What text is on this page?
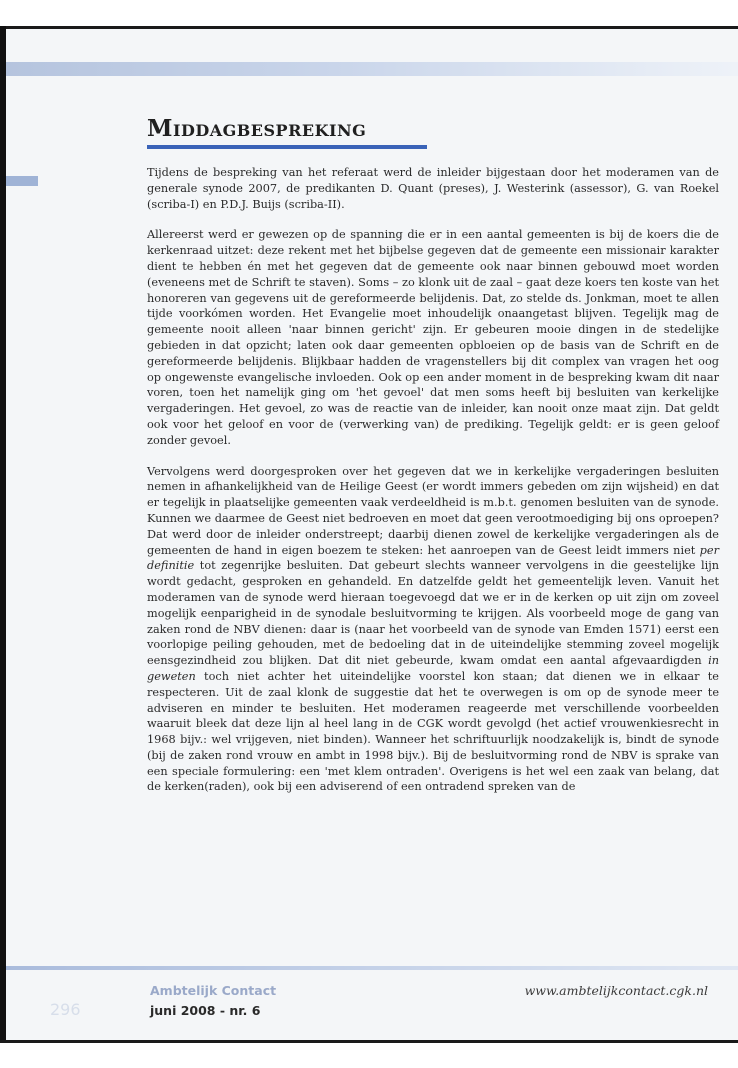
Middagbespreking

Tijdens de bespreking van het referaat werd de inleider bijgestaan door het moderamen van de generale synode 2007, de predikanten D. Quant (preses), J. Westerink (assessor), G. van Roekel (scriba-I) en P.D.J. Buijs (scriba-II).

Allereerst werd er gewezen op de spanning die er in een aantal gemeenten is bij de koers die de kerkenraad uitzet: deze rekent met het bijbelse gegeven dat de gemeente een missionair karakter dient te hebben én met het gegeven dat de gemeente ook naar binnen gebouwd moet worden (eveneens met de Schrift te staven). Soms – zo klonk uit de zaal – gaat deze koers ten koste van het honoreren van gegevens uit de gereformeerde belijdenis. Dat, zo stelde ds. Jonkman, moet te allen tijde voorkómen worden. Het Evangelie moet inhoudelijk onaangetast blijven. Tegelijk mag de gemeente nooit alleen 'naar binnen gericht' zijn. Er gebeuren mooie dingen in de stedelijke gebieden in dat opzicht; laten ook daar gemeenten opbloeien op de basis van de Schrift en de gereformeerde belijdenis. Blijkbaar hadden de vragenstellers bij dit complex van vragen het oog op ongewenste evangelische invloeden. Ook op een ander moment in de bespreking kwam dit naar voren, toen het namelijk ging om 'het gevoel' dat men soms heeft bij besluiten van kerkelijke vergaderingen. Het gevoel, zo was de reactie van de inleider, kan nooit onze maat zijn. Dat geldt ook voor het geloof en voor de (verwerking van) de prediking. Tegelijk geldt: er is geen geloof zonder gevoel.

Vervolgens werd doorgesproken over het gegeven dat we in kerkelijke vergaderingen besluiten nemen in afhankelijkheid van de Heilige Geest (er wordt immers gebeden om zijn wijsheid) en dat er tegelijk in plaatselijke gemeenten vaak verdeeldheid is m.b.t. genomen besluiten van de synode. Kunnen we daarmee de Geest niet bedroeven en moet dat geen verootmoediging bij ons oproepen? Dat werd door de inleider onderstreept; daarbij dienen zowel de kerkelijke vergaderingen als de gemeenten de hand in eigen boezem te steken: het aanroepen van de Geest leidt immers niet per definitie tot zegenrijke besluiten. Dat gebeurt slechts wanneer vervolgens in die geestelijke lijn wordt gedacht, gesproken en gehandeld. En datzelfde geldt het gemeentelijk leven. Vanuit het moderamen van de synode werd hieraan toegevoegd dat we er in de kerken op uit zijn om zoveel mogelijk eenparigheid in de synodale besluitvorming te krijgen. Als voorbeeld moge de gang van zaken rond de NBV dienen: daar is (naar het voorbeeld van de synode van Emden 1571) eerst een voorlopige peiling gehouden, met de bedoeling dat in de uiteindelijke stemming zoveel mogelijk eensgezindheid zou blijken. Dat dit niet gebeurde, kwam omdat een aantal afgevaardigden in geweten toch niet achter het uiteindelijke voorstel kon staan; dat dienen we in elkaar te respecteren. Uit de zaal klonk de suggestie dat het te overwegen is om op de synode meer te adviseren en minder te besluiten. Het moderamen reageerde met verschillende voorbeelden waaruit bleek dat deze lijn al heel lang in de CGK wordt gevolgd (het actief vrouwenkiesrecht in 1968 bijv.: wel vrijgeven, niet binden). Wanneer het schriftuurlijk noodzakelijk is, bindt de synode (bij de zaken rond vrouw en ambt in 1998 bijv.). Bij de besluitvorming rond de NBV is sprake van een speciale formulering: een 'met klem ontraden'. Overigens is het wel een zaak van belang, dat de kerken(raden), ook bij een adviserend of een ontradend spreken van de

296
Ambtelijk Contact
juni 2008 - nr. 6
www.ambtelijkcontact.cgk.nl
